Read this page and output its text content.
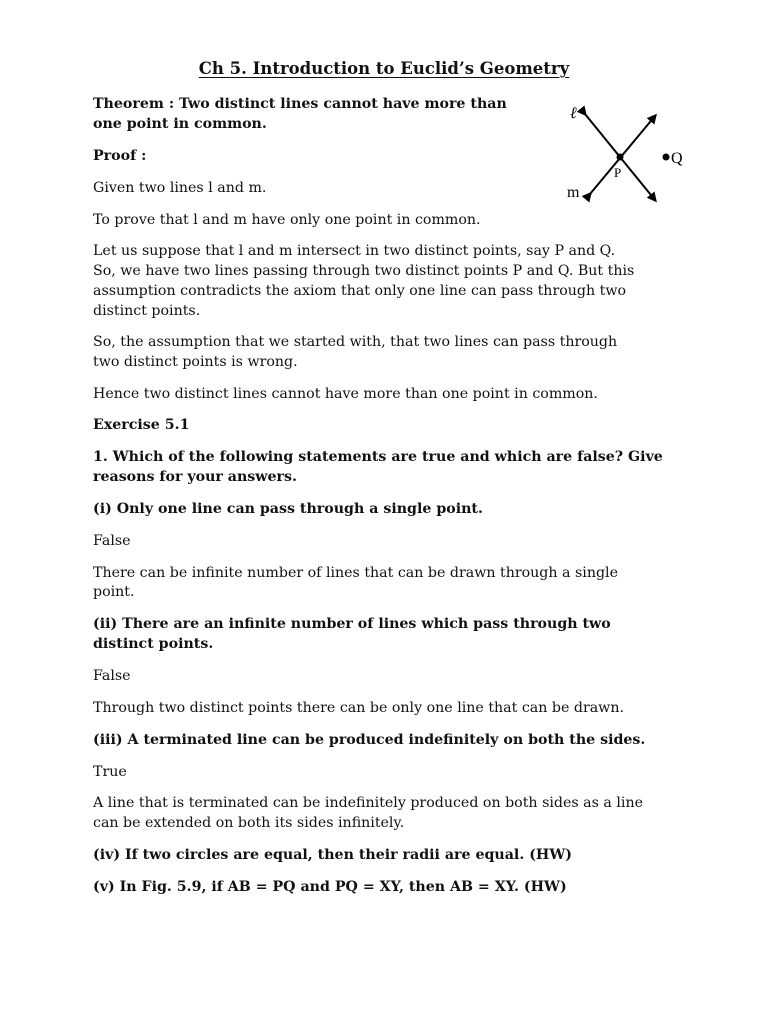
Ch 5. Introduction to Euclid’s Geometry

Theorem : Two distinct lines cannot have more than

one point in common.

Proof :

Given two lines l and m.

To prove that l and m have only one point in common.

Let us suppose that l and m intersect in two distinct points, say P and Q.

So, we have two lines passing through two distinct points P and Q. But this

assumption contradicts the axiom that only one line can pass through two

distinct points.

So, the assumption that we started with, that two lines can pass through

two distinct points is wrong.

Hence two distinct lines cannot have more than one point in common.

Exercise 5.1

1. Which of the following statements are true and which are false? Give

reasons for your answers.

(i) Only one line can pass through a single point.

False

There can be infinite number of lines that can be drawn through a single

point.

(ii) There are an infinite number of lines which pass through two

distinct points.

False

Through two distinct points there can be only one line that can be drawn.

(iii) A terminated line can be produced indefinitely on both the sides.

True

A line that is terminated can be indefinitely produced on both sides as a line

can be extended on both its sides infinitely.

(iv) If two circles are equal, then their radii are equal. (HW)

(v) In Fig. 5.9, if AB = PQ and PQ = XY, then AB = XY. (HW)

ℓ
m
P
Q
